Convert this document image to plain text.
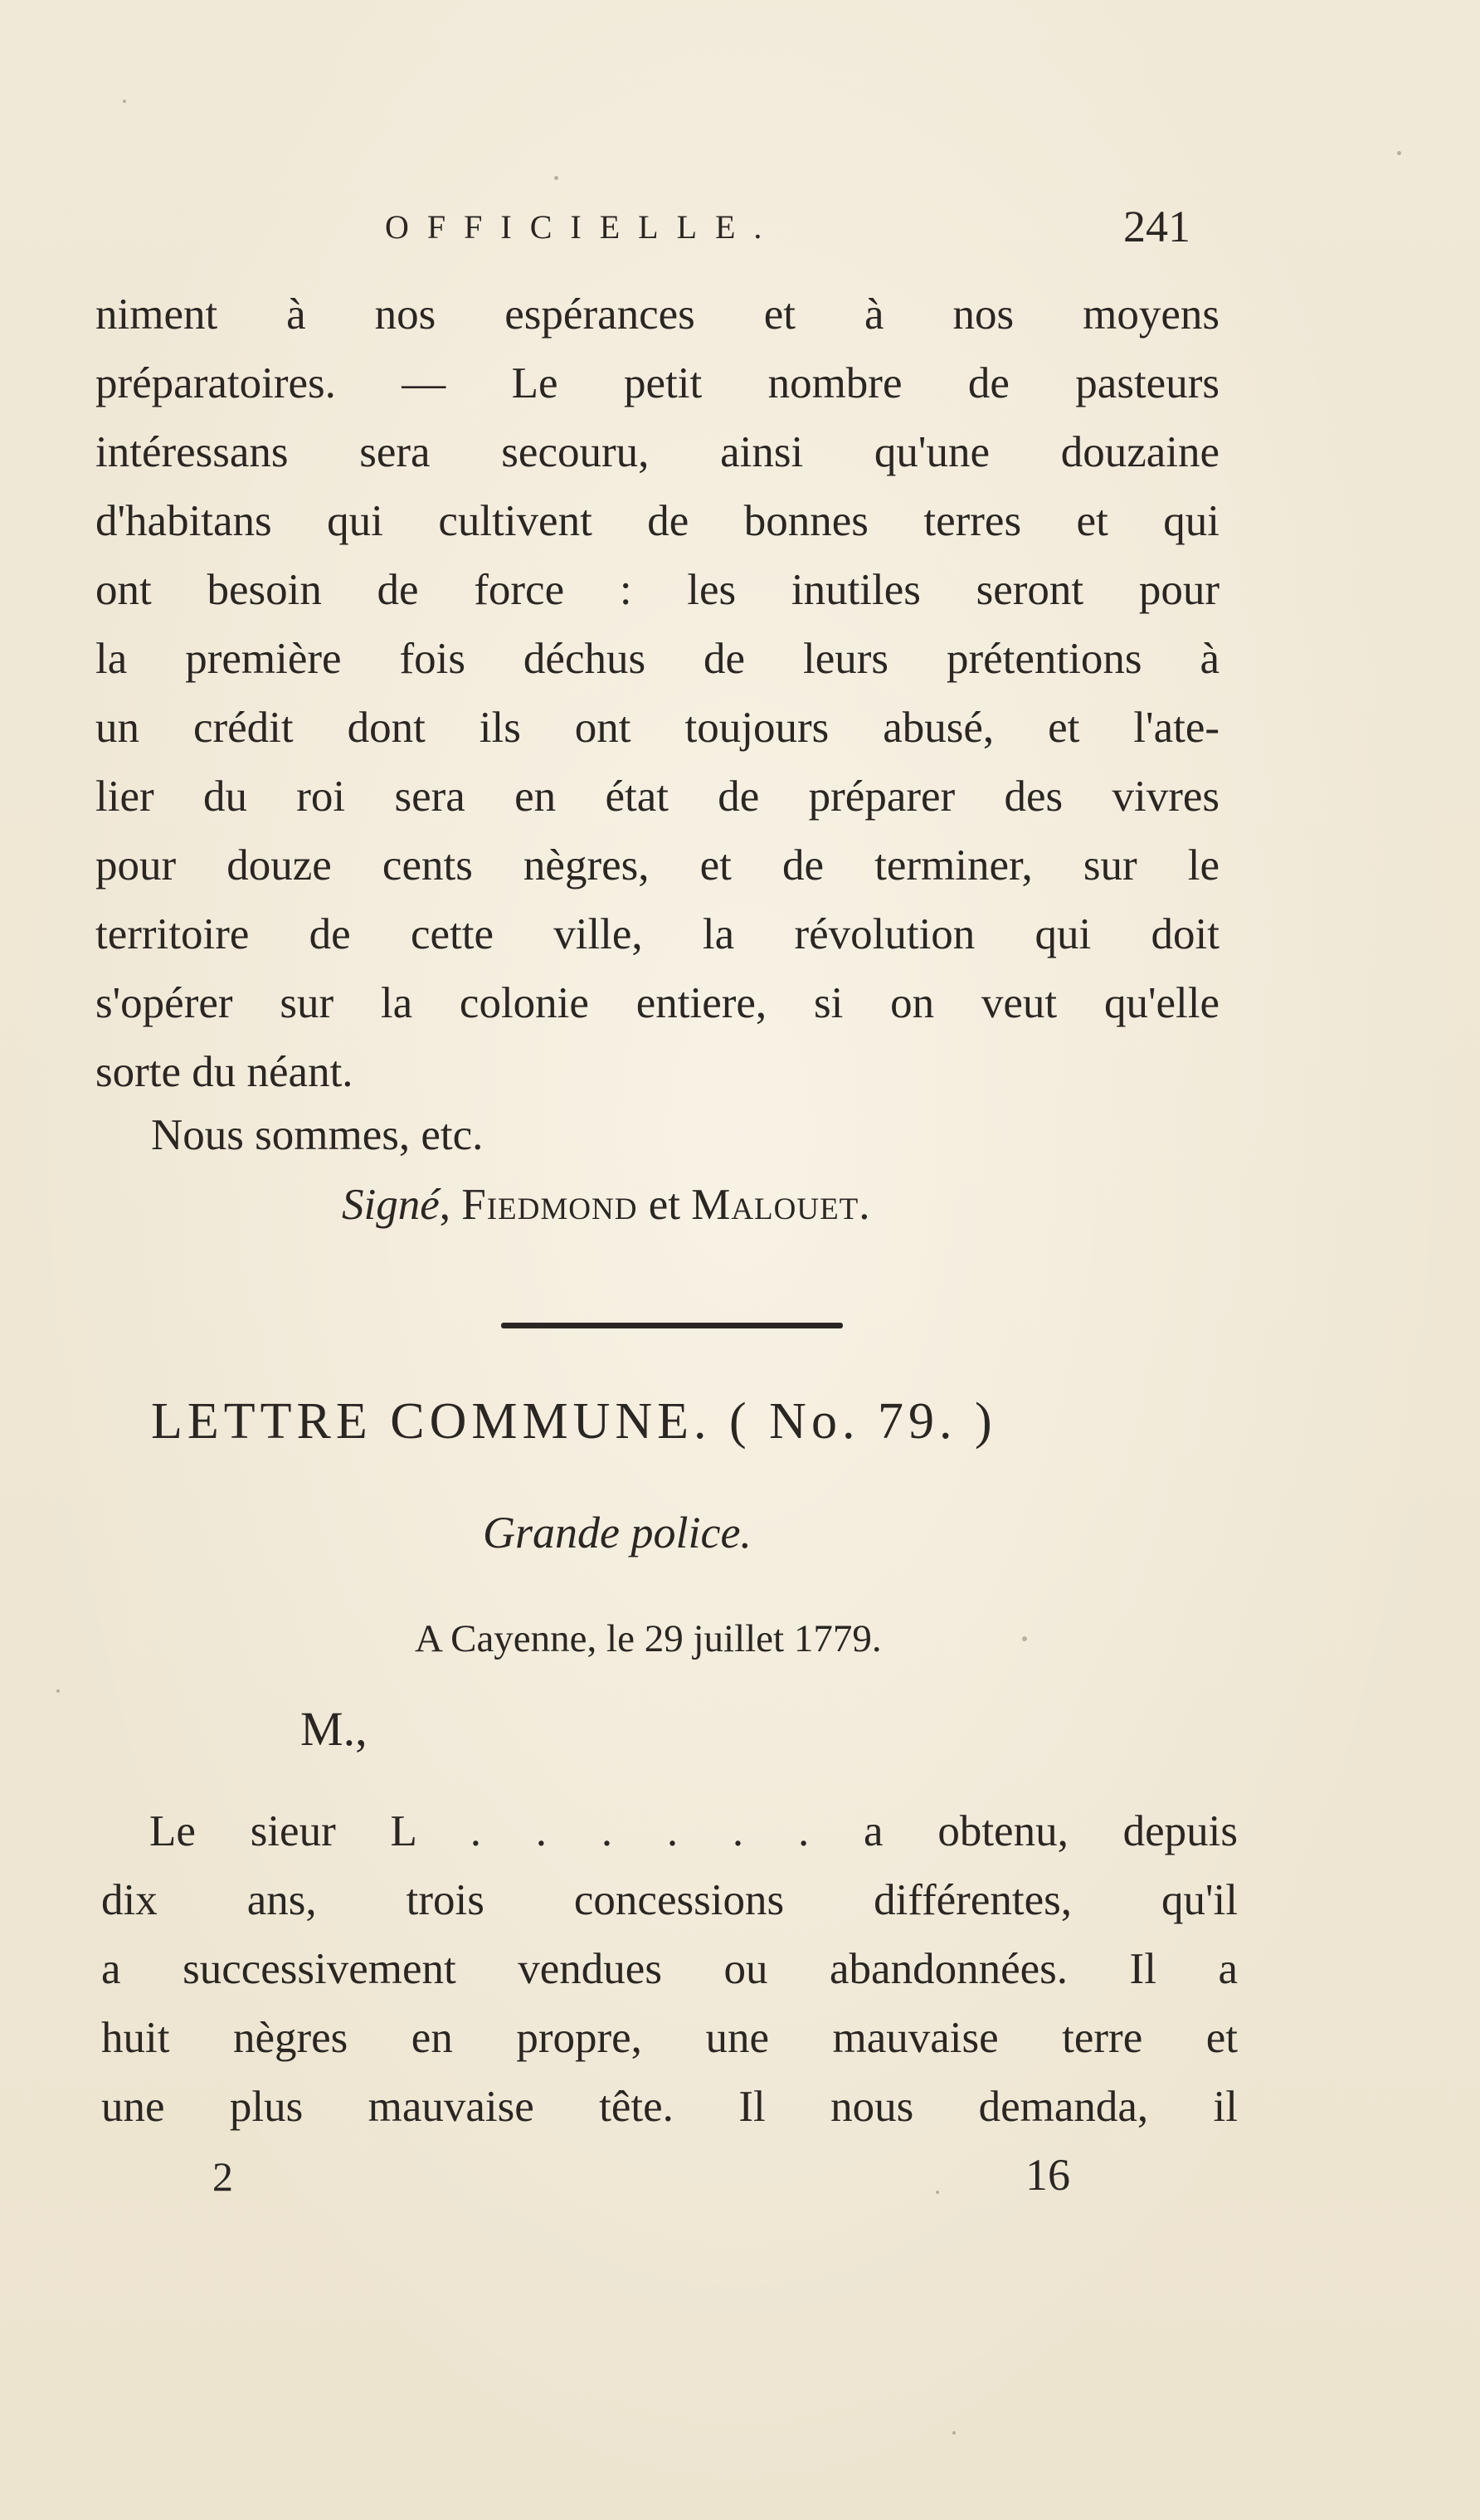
OFFICIELLE.	241
niment à nos espérances et à nos moyens
préparatoires. — Le petit nombre de pasteurs
intéressans sera secouru, ainsi qu'une douzaine
d'habitans qui cultivent de bonnes terres et qui
ont besoin de force : les inutiles seront pour
la première fois déchus de leurs prétentions à
un crédit dont ils ont toujours abusé, et l'ate-
lier du roi sera en état de préparer des vivres
pour douze cents nègres, et de terminer, sur le
territoire de cette ville, la révolution qui doit
s'opérer sur la colonie entiere, si on veut qu'elle
sorte du néant.
Nous sommes, etc.
Signé, Fiedmond et Malouet.
LETTRE COMMUNE. ( No. 79. )
Grande police.
A Cayenne, le 29 juillet 1779.
M.,
Le sieur L . . . . . . a obtenu, depuis
dix ans, trois concessions différentes, qu'il
a successivement vendues ou abandonnées. Il a
huit nègres en propre, une mauvaise terre et
une plus mauvaise tête. Il nous demanda, il
2	16
